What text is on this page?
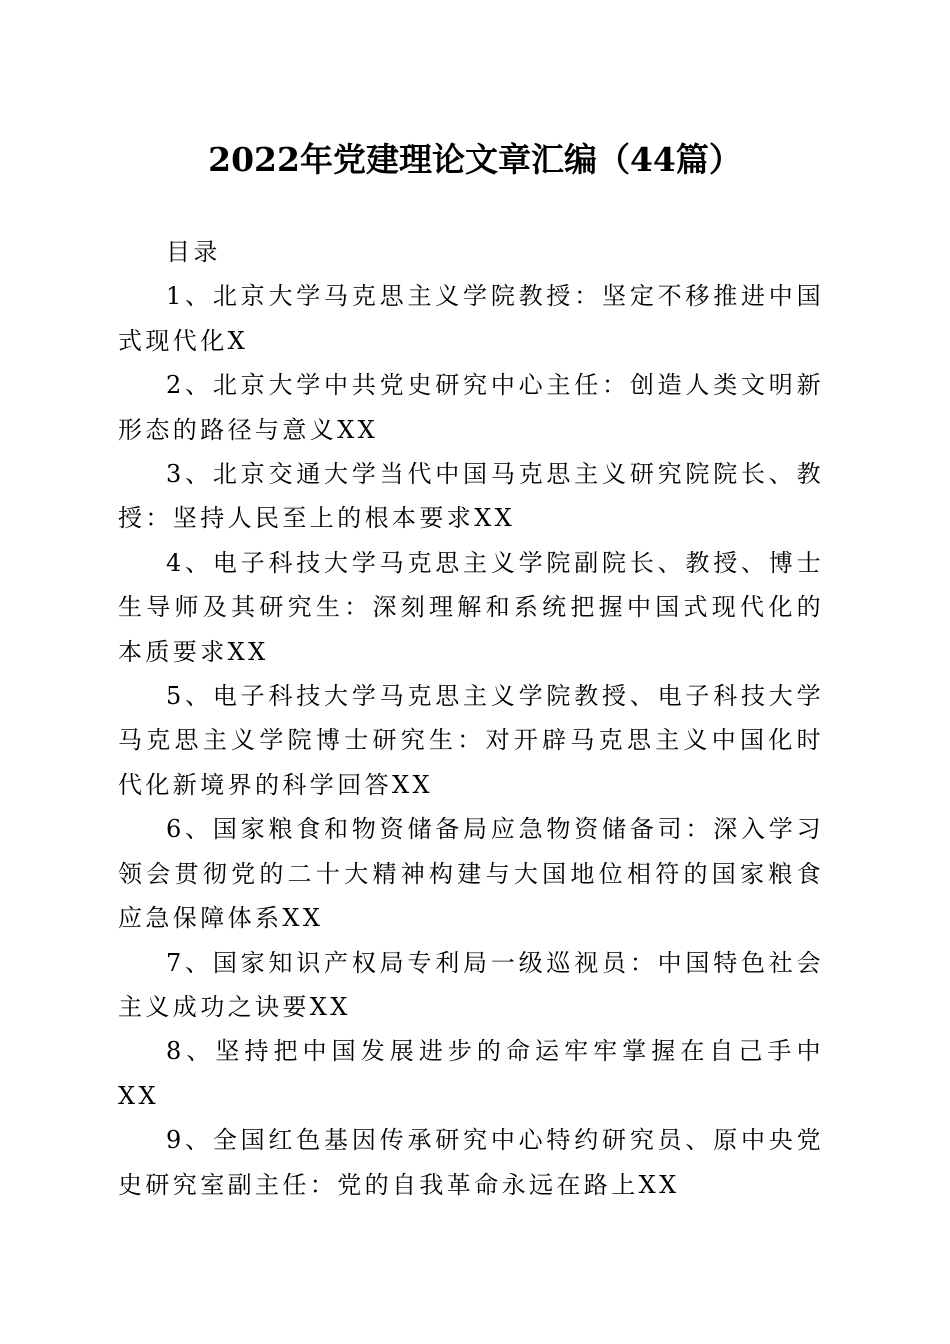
2022年党建理论文章汇编（44篇）

目录

1、北京大学马克思主义学院教授：坚定不移推进中国式现代化X

2、北京大学中共党史研究中心主任：创造人类文明新形态的路径与意义XX

3、北京交通大学当代中国马克思主义研究院院长、教授：坚持人民至上的根本要求XX

4、电子科技大学马克思主义学院副院长、教授、博士生导师及其研究生：深刻理解和系统把握中国式现代化的本质要求XX

5、电子科技大学马克思主义学院教授、电子科技大学马克思主义学院博士研究生：对开辟马克思主义中国化时代化新境界的科学回答XX

6、国家粮食和物资储备局应急物资储备司：深入学习领会贯彻党的二十大精神构建与大国地位相符的国家粮食应急保障体系XX

7、国家知识产权局专利局一级巡视员：中国特色社会主义成功之诀要XX

8、坚持把中国发展进步的命运牢牢掌握在自己手中XX

9、全国红色基因传承研究中心特约研究员、原中央党史研究室副主任：党的自我革命永远在路上XX
